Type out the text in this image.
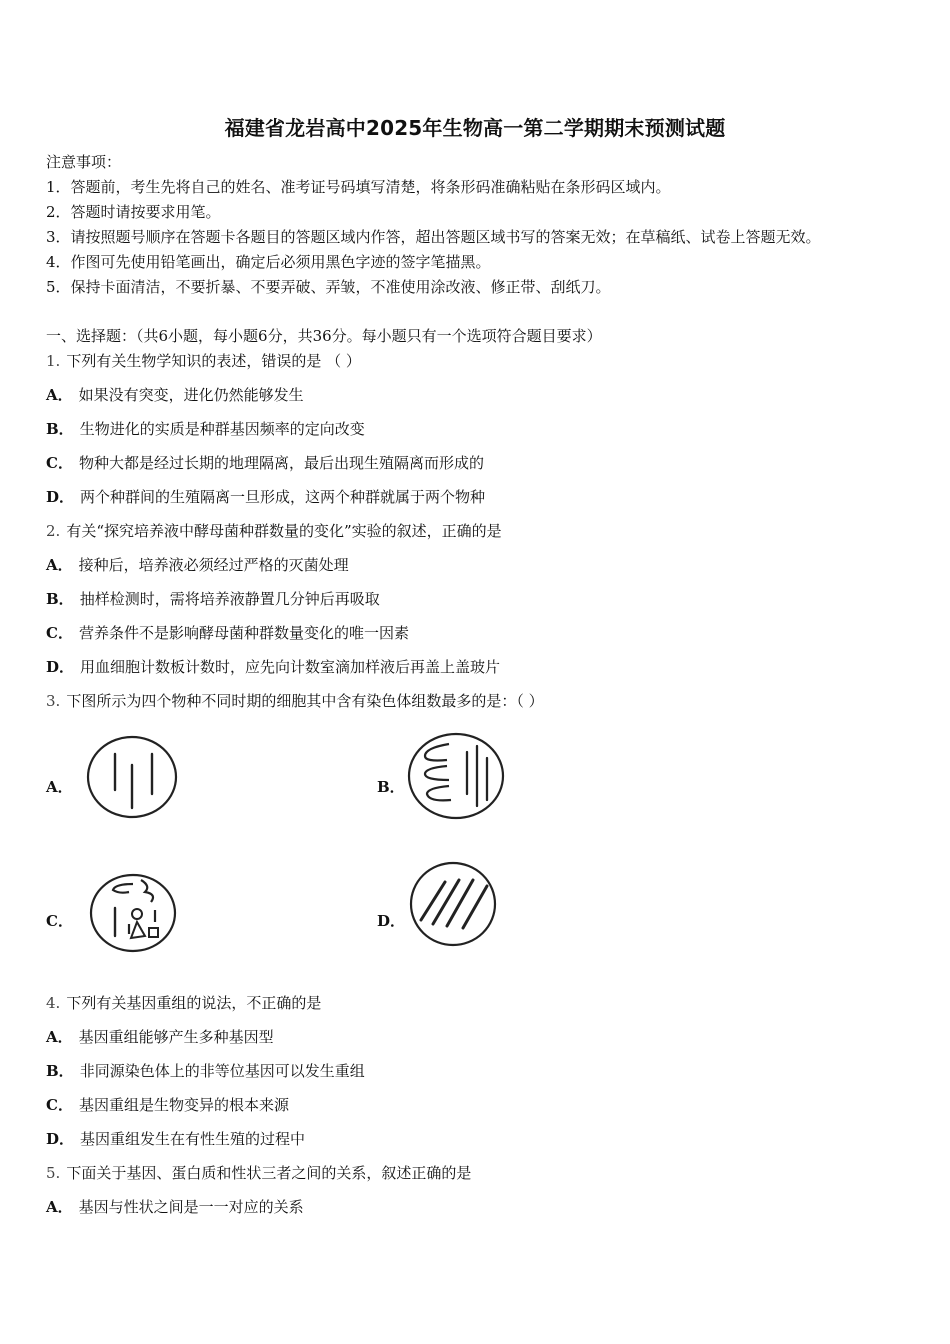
福建省龙岩高中2025年生物高一第二学期期末预测试题
注意事项：
1．答题前，考生先将自己的姓名、准考证号码填写清楚，将条形码准确粘贴在条形码区域内。
2．答题时请按要求用笔。
3．请按照题号顺序在答题卡各题目的答题区域内作答，超出答题区域书写的答案无效；在草稿纸、试卷上答题无效。
4．作图可先使用铅笔画出，确定后必须用黑色字迹的签字笔描黑。
5．保持卡面清洁，不要折暴、不要弄破、弄皱，不准使用涂改液、修正带、刮纸刀。
一、选择题：（共6小题，每小题6分，共36分。每小题只有一个选项符合题目要求）
1. 下列有关生物学知识的表述，错误的是 （ ）
A． 如果没有突变，进化仍然能够发生
B． 生物进化的实质是种群基因频率的定向改变
C． 物种大都是经过长期的地理隔离，最后出现生殖隔离而形成的
D． 两个种群间的生殖隔离一旦形成，这两个种群就属于两个物种
2. 有关“探究培养液中酵母菌种群数量的变化”实验的叙述，正确的是
A． 接种后，培养液必须经过严格的灭菌处理
B． 抽样检测时，需将培养液静置几分钟后再吸取
C． 营养条件不是影响酵母菌种群数量变化的唯一因素
D． 用血细胞计数板计数时，应先向计数室滴加样液后再盖上盖玻片
3. 下图所示为四个物种不同时期的细胞其中含有染色体组数最多的是：（ ）
A．	B．
C．	D．
4. 下列有关基因重组的说法，不正确的是
A． 基因重组能够产生多种基因型
B． 非同源染色体上的非等位基因可以发生重组
C． 基因重组是生物变异的根本来源
D． 基因重组发生在有性生殖的过程中
5. 下面关于基因、蛋白质和性状三者之间的关系，叙述正确的是
A． 基因与性状之间是一一对应的关系
